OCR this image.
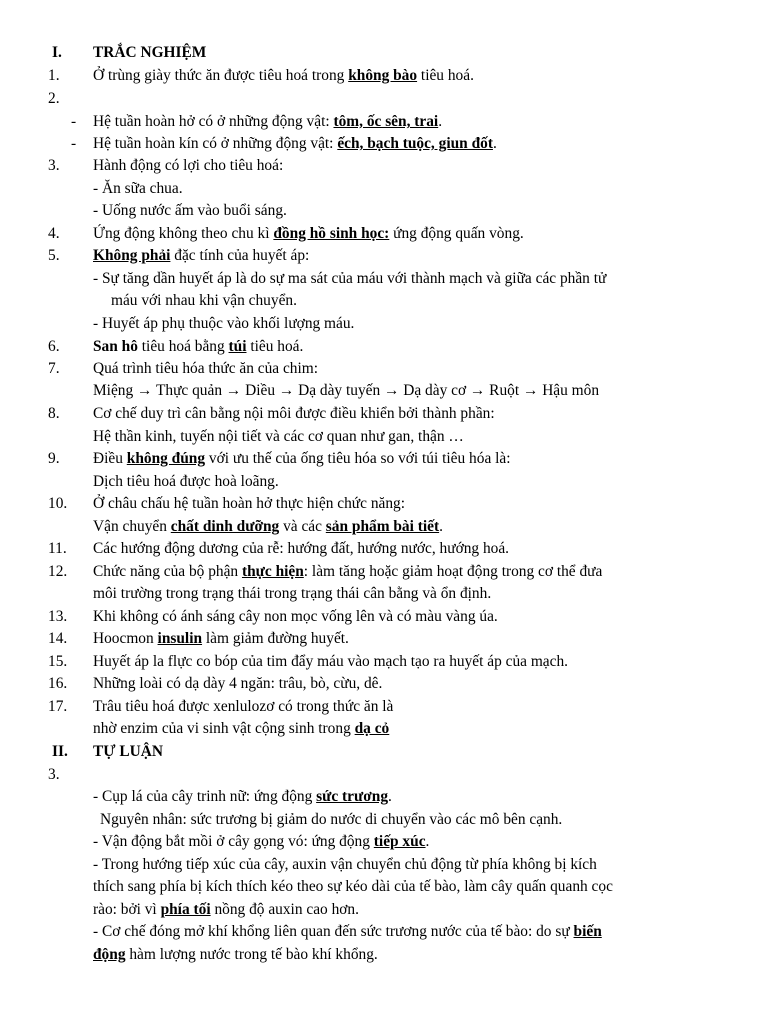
I. TRẮC NGHIỆM
1. Ở trùng giày thức ăn được tiêu hoá trong không bào tiêu hoá.
2.
- Hệ tuần hoàn hở có ở những động vật: tôm, ốc sên, trai.
- Hệ tuần hoàn kín có ở những động vật: ếch, bạch tuộc, giun đốt.
3. Hành động có lợi cho tiêu hoá:
- Ăn sữa chua.
- Uống nước ấm vào buổi sáng.
4. Ứng động không theo chu kì đồng hồ sinh học: ứng động quấn vòng.
5. Không phải đặc tính của huyết áp:
- Sự tăng dần huyết áp là do sự ma sát của máu với thành mạch và giữa các phần tử
máu với nhau khi vận chuyển.
- Huyết áp phụ thuộc vào khối lượng máu.
6. San hô tiêu hoá bằng túi tiêu hoá.
7. Quá trình tiêu hóa thức ăn của chim:
Miệng → Thực quản → Diều → Dạ dày tuyến → Dạ dày cơ → Ruột → Hậu môn
8. Cơ chế duy trì cân bằng nội môi được điều khiển bởi thành phần:
Hệ thần kinh, tuyến nội tiết và các cơ quan như gan, thận …
9. Điều không đúng với ưu thế của ống tiêu hóa so với túi tiêu hóa là:
Dịch tiêu hoá được hoà loãng.
10. Ở châu chấu hệ tuần hoàn hở thực hiện chức năng:
Vận chuyển chất dinh dưỡng và các sản phẩm bài tiết.
11. Các hướng động dương của rễ: hướng đất, hướng nước, hướng hoá.
12. Chức năng của bộ phận thực hiện: làm tăng hoặc giảm hoạt động trong cơ thể đưa
môi trường trong trạng thái trong trạng thái cân bằng và ổn định.
13. Khi không có ánh sáng cây non mọc vống lên và có màu vàng úa.
14. Hoocmon insulin làm giảm đường huyết.
15. Huyết áp la flực co bóp của tim đẩy máu vào mạch tạo ra huyết áp của mạch.
16. Những loài có dạ dày 4 ngăn: trâu, bò, cừu, dê.
17. Trâu tiêu hoá được xenlulozơ có trong thức ăn là
nhờ enzim của vi sinh vật cộng sinh trong dạ cỏ
II. TỰ LUẬN
3.
- Cụp lá của cây trinh nữ: ứng động sức trương.
Nguyên nhân: sức trương bị giảm do nước di chuyển vào các mô bên cạnh.
- Vận động bắt mồi ở cây gọng vó: ứng động tiếp xúc.
- Trong hướng tiếp xúc của cây, auxin vận chuyển chủ động từ phía không bị kích
thích sang phía bị kích thích kéo theo sự kéo dài của tế bào, làm cây quấn quanh cọc
rào: bởi vì phía tối nồng độ auxin cao hơn.
- Cơ chế đóng mở khí khổng liên quan đến sức trương nước của tế bào: do sự biến
động hàm lượng nước trong tế bào khí khổng.
